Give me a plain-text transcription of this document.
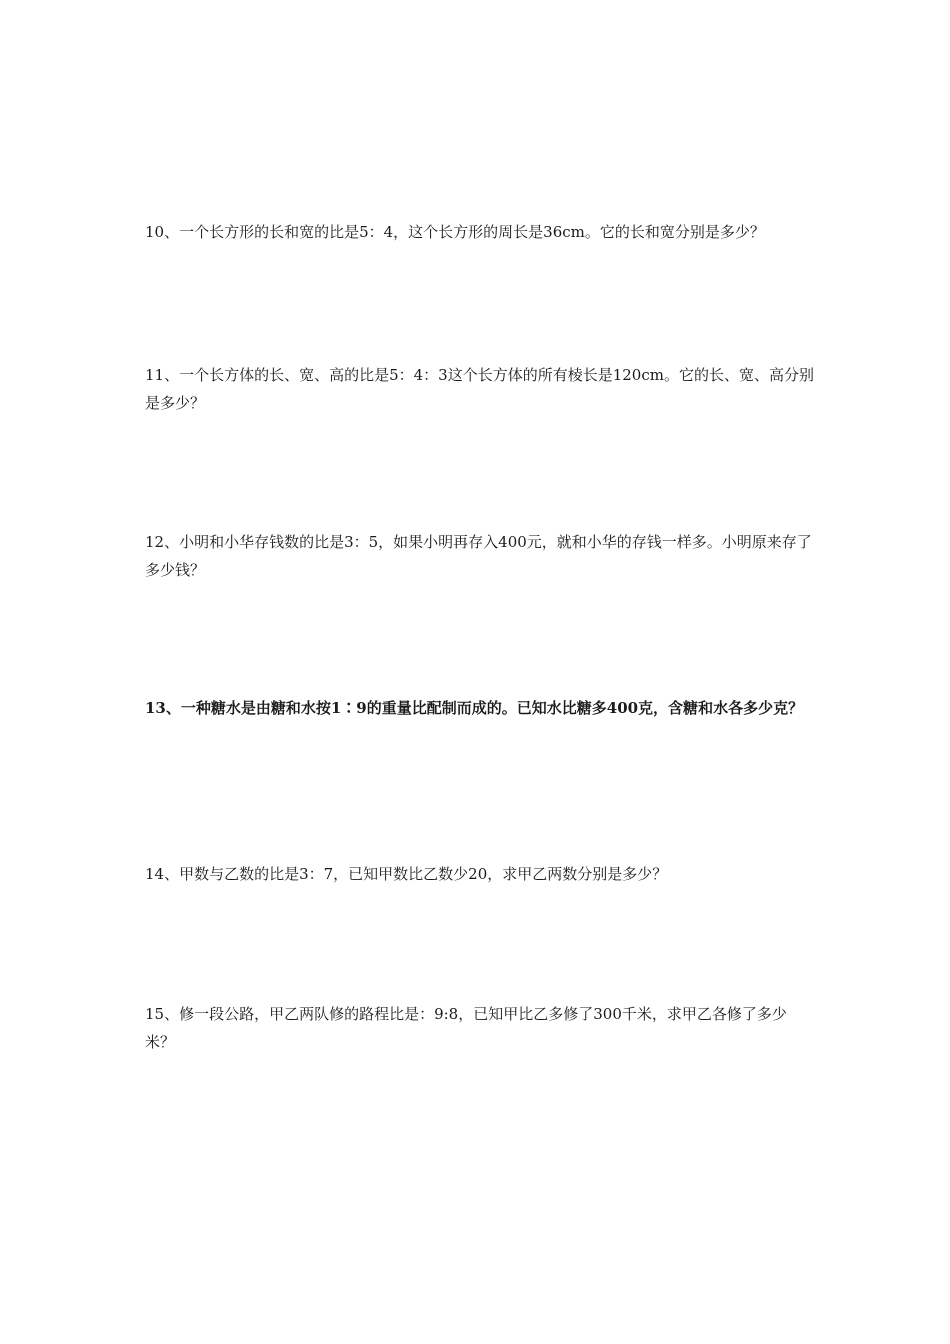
10、一个长方形的长和宽的比是5：4，这个长方形的周长是36cm。它的长和宽分别是多少？

11、一个长方体的长、宽、高的比是5：4：3这个长方体的所有棱长是120cm。它的长、宽、高分别是多少？

12、小明和小华存钱数的比是3：5，如果小明再存入400元，就和小华的存钱一样多。小明原来存了多少钱？

13、一种糖水是由糖和水按1∶9的重量比配制而成的。已知水比糖多400克，含糖和水各多少克？

14、甲数与乙数的比是3：7，已知甲数比乙数少20，求甲乙两数分别是多少？

15、修一段公路，甲乙两队修的路程比是：9:8，已知甲比乙多修了300千米，求甲乙各修了多少米？
